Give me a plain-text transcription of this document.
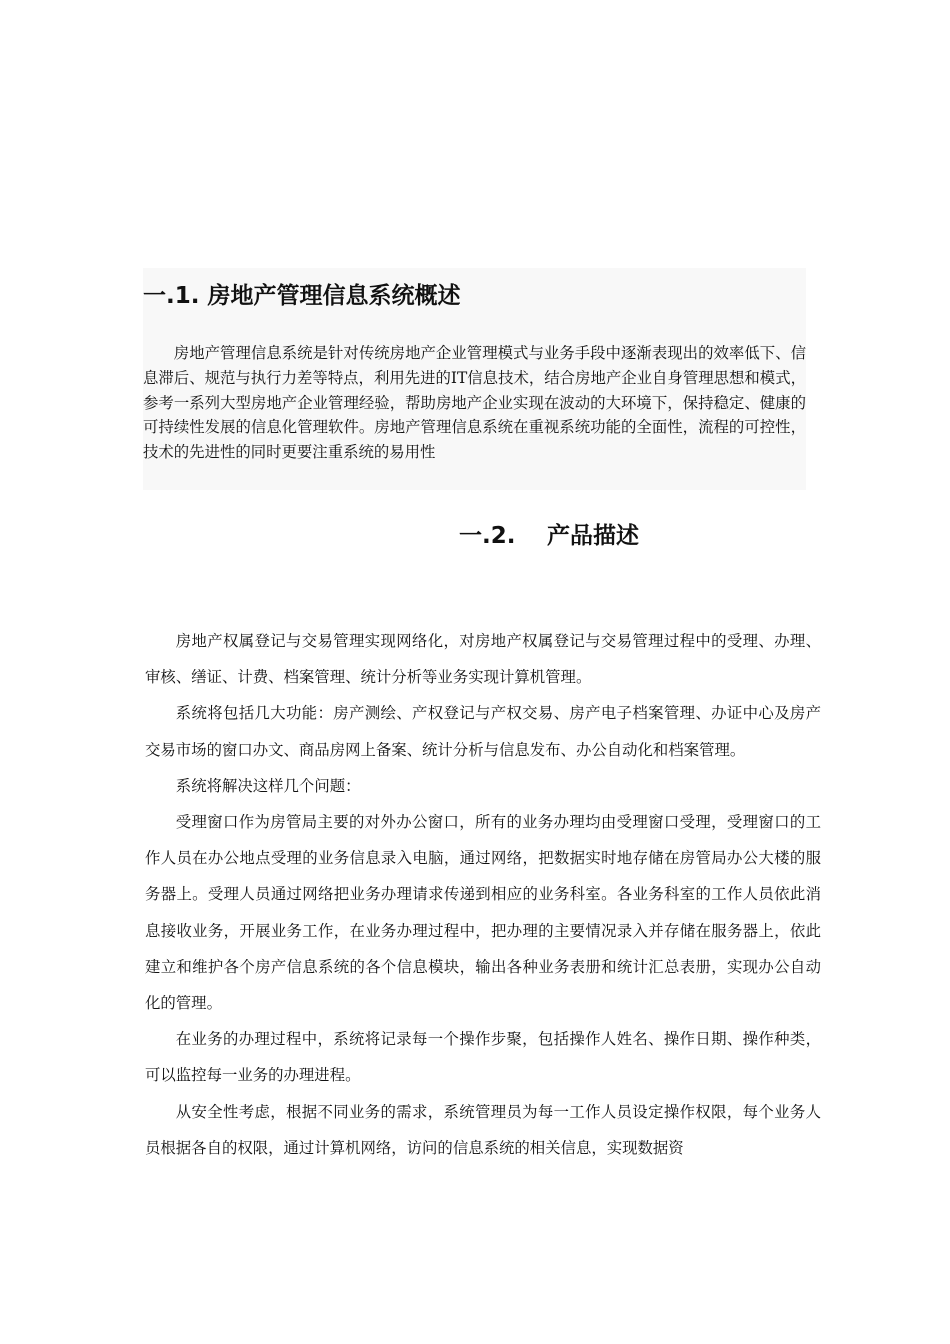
一.1. 房地产管理信息系统概述

房地产管理信息系统是针对传统房地产企业管理模式与业务手段中逐渐表现出的效率低下、信息滞后、规范与执行力差等特点，利用先进的IT信息技术，结合房地产企业自身管理思想和模式，参考一系列大型房地产企业管理经验，帮助房地产企业实现在波动的大环境下，保持稳定、健康的可持续性发展的信息化管理软件。房地产管理信息系统在重视系统功能的全面性，流程的可控性，技术的先进性的同时更要注重系统的易用性

一.2. 产品描述

房地产权属登记与交易管理实现网络化，对房地产权属登记与交易管理过程中的受理、办理、审核、缮证、计费、档案管理、统计分析等业务实现计算机管理。

系统将包括几大功能：房产测绘、产权登记与产权交易、房产电子档案管理、办证中心及房产交易市场的窗口办文、商品房网上备案、统计分析与信息发布、办公自动化和档案管理。

系统将解决这样几个问题：

受理窗口作为房管局主要的对外办公窗口，所有的业务办理均由受理窗口受理，受理窗口的工作人员在办公地点受理的业务信息录入电脑，通过网络，把数据实时地存储在房管局办公大楼的服务器上。受理人员通过网络把业务办理请求传递到相应的业务科室。各业务科室的工作人员依此消息接收业务，开展业务工作，在业务办理过程中，把办理的主要情况录入并存储在服务器上，依此建立和维护各个房产信息系统的各个信息模块，输出各种业务表册和统计汇总表册，实现办公自动化的管理。

在业务的办理过程中，系统将记录每一个操作步聚，包括操作人姓名、操作日期、操作种类，可以监控每一业务的办理进程。

从安全性考虑，根据不同业务的需求，系统管理员为每一工作人员设定操作权限，每个业务人员根据各自的权限，通过计算机网络，访问的信息系统的相关信息，实现数据资
